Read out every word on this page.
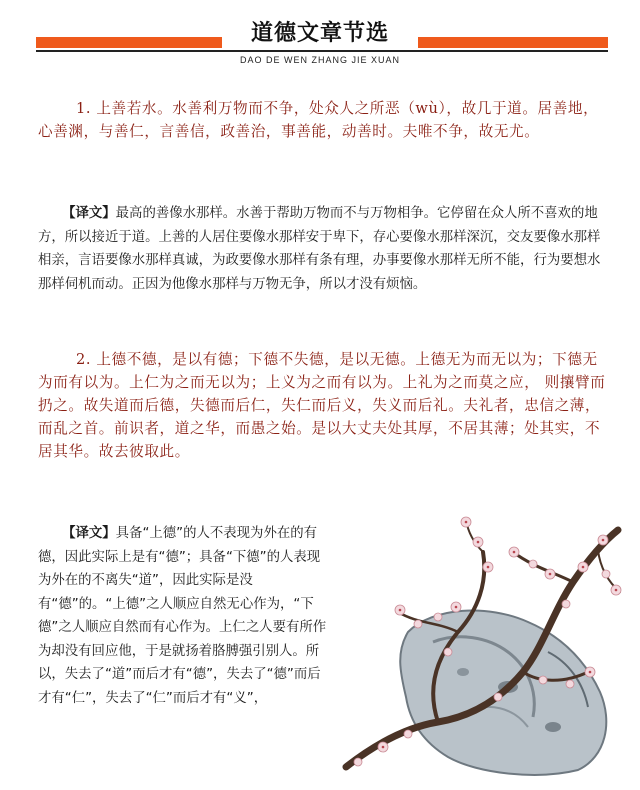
道德文章节选
DAO DE WEN ZHANG JIE XUAN

1. 上善若水。水善利万物而不争，处众人之所恶（wù），故几于道。居善地，心善渊，与善仁，言善信，政善治，事善能，动善时。夫唯不争，故无尤。

【译文】最高的善像水那样。水善于帮助万物而不与万物相争。它停留在众人所不喜欢的地方，所以接近于道。上善的人居住要像水那样安于卑下，存心要像水那样深沉，交友要像水那样相亲，言语要像水那样真诚，为政要像水那样有条有理，办事要像水那样无所不能，行为要想水那样伺机而动。正因为他像水那样与万物无争，所以才没有烦恼。

2. 上德不德，是以有德；下德不失德，是以无德。上德无为而无以为；下德无为而有以为。上仁为之而无以为；上义为之而有以为。上礼为之而莫之应， 则攘臂而扔之。故失道而后德，失德而后仁，失仁而后义，失义而后礼。夫礼者，忠信之薄，而乱之首。前识者，道之华，而愚之始。是以大丈夫处其厚，不居其薄；处其实，不居其华。故去彼取此。

【译文】具备“上德”的人不表现为外在的有德，因此实际上是有“德”；具备“下德”的人表现为外在的不离失“道”，因此实际是没有“德”的。“上德”之人顺应自然无心作为，“下德”之人顺应自然而有心作为。上仁之人要有所作为却没有回应他，于是就扬着胳膊强引别人。所以，失去了“道”而后才有“德”，失去了“德”而后才有“仁”，失去了“仁”而后才有“义”，
